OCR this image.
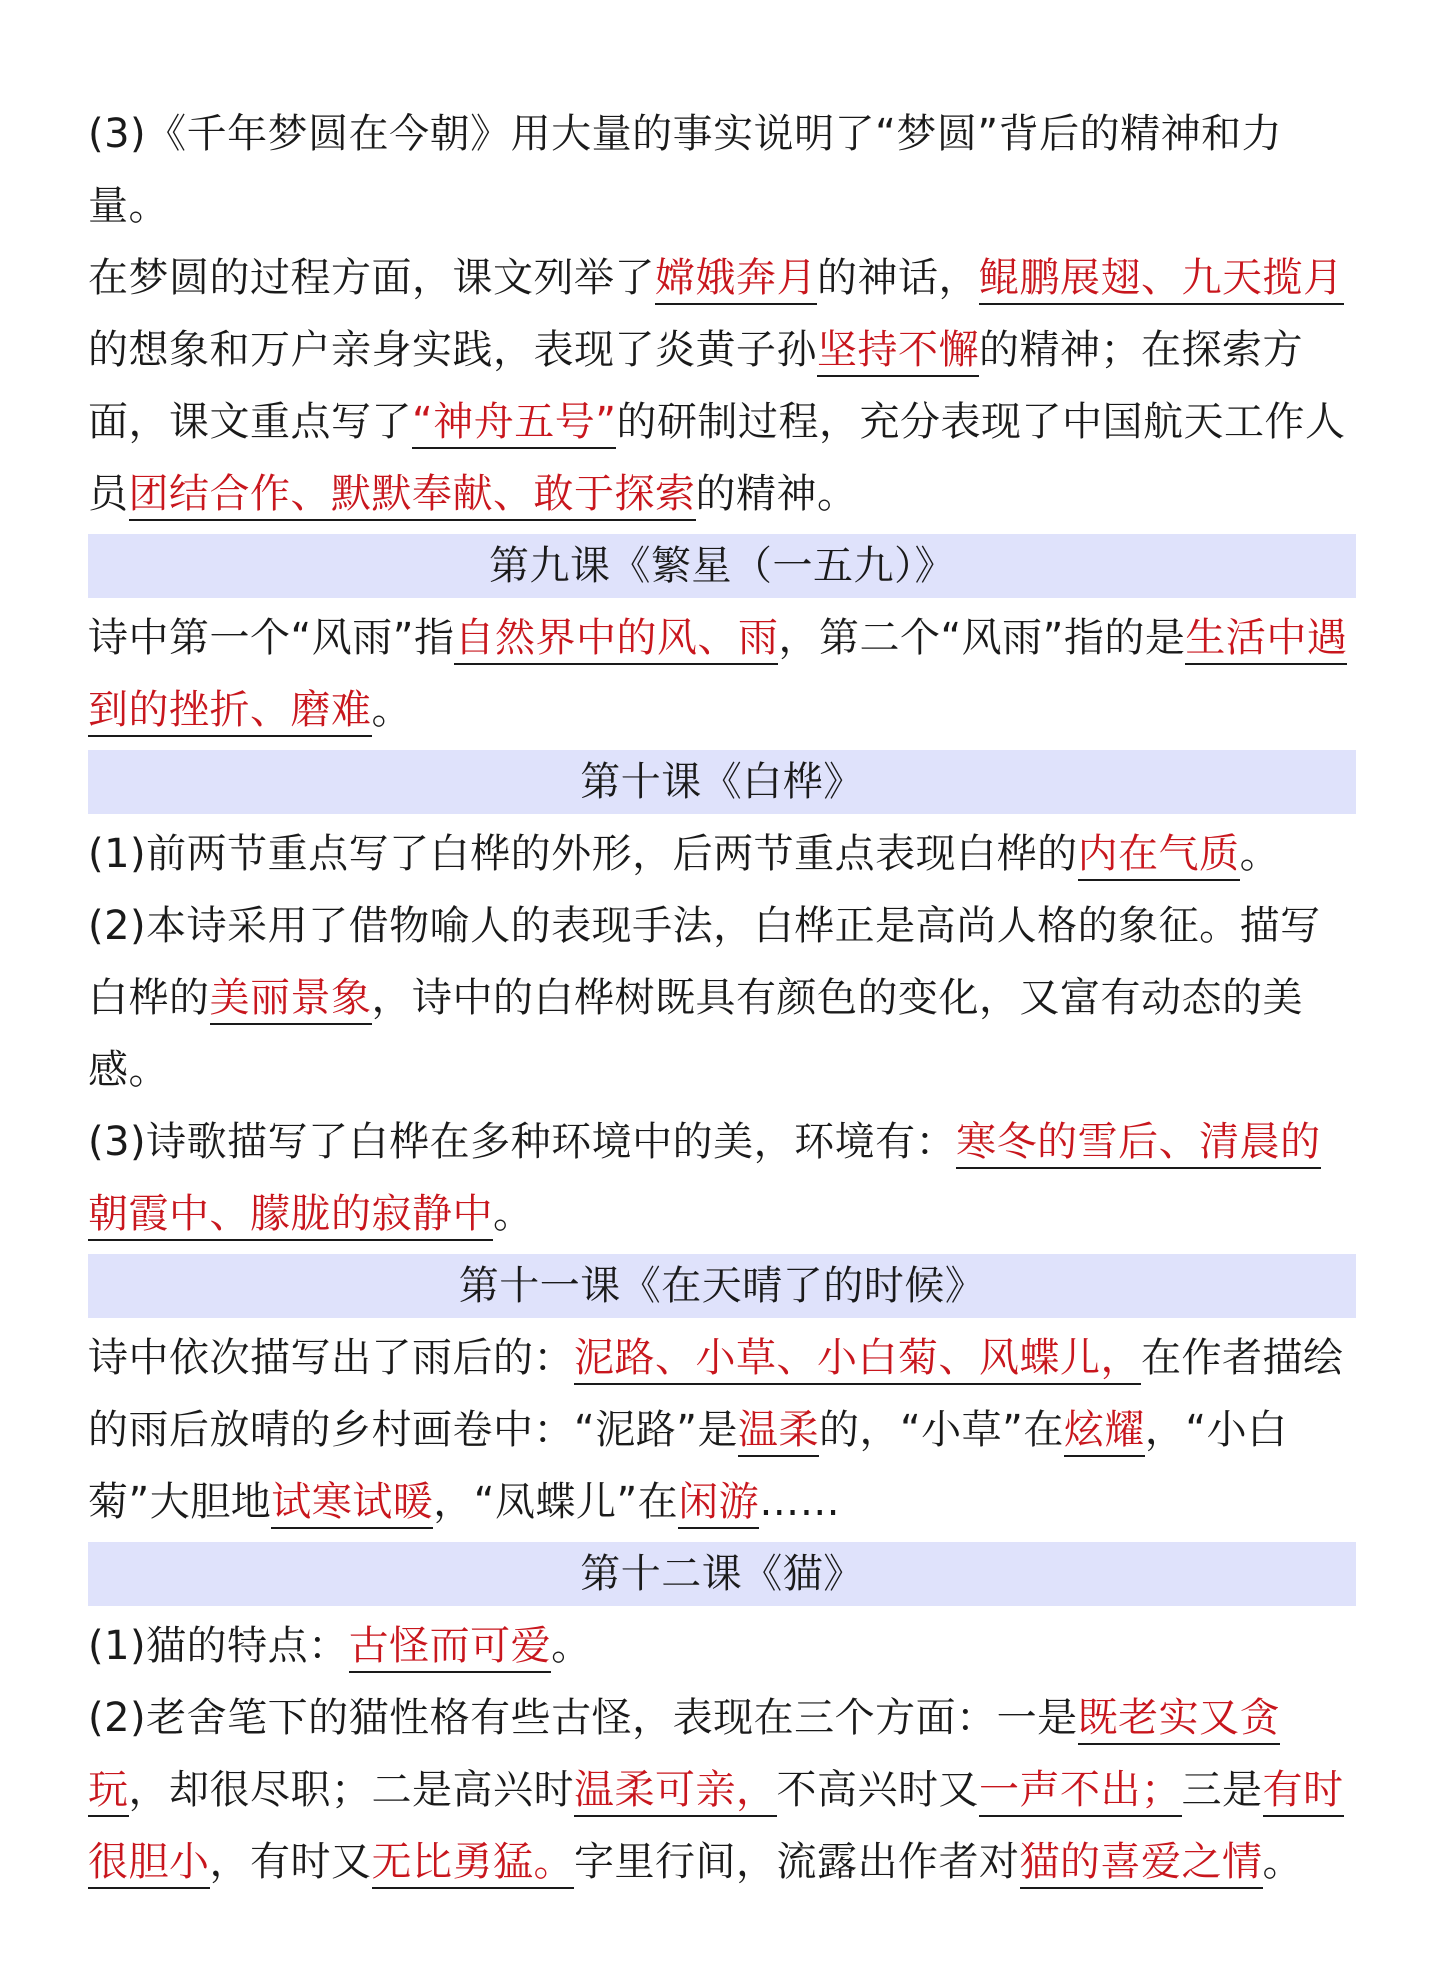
(3)《千年梦圆在今朝》用大量的事实说明了“梦圆”背后的精神和力量。

在梦圆的过程方面，课文列举了嫦娥奔月的神话，鲲鹏展翅、九天揽月的想象和万户亲身实践，表现了炎黄子孙坚持不懈的精神；在探索方面，课文重点写了“神舟五号”的研制过程，充分表现了中国航天工作人员团结合作、默默奉献、敢于探索的精神。

第九课《繁星（一五九）》

诗中第一个“风雨”指自然界中的风、雨，第二个“风雨”指的是生活中遇到的挫折、磨难。

第十课《白桦》

(1)前两节重点写了白桦的外形，后两节重点表现白桦的内在气质。

(2)本诗采用了借物喻人的表现手法，白桦正是高尚人格的象征。描写白桦的美丽景象，诗中的白桦树既具有颜色的变化，又富有动态的美感。

(3)诗歌描写了白桦在多种环境中的美，环境有：寒冬的雪后、清晨的朝霞中、朦胧的寂静中。

第十一课《在天晴了的时候》

诗中依次描写出了雨后的：泥路、小草、小白菊、风蝶儿，在作者描绘的雨后放晴的乡村画卷中：“泥路”是温柔的，“小草”在炫耀，“小白菊”大胆地试寒试暖，“凤蝶儿”在闲游……

第十二课《猫》

(1)猫的特点：古怪而可爱。

(2)老舍笔下的猫性格有些古怪，表现在三个方面：一是既老实又贪玩，却很尽职；二是高兴时温柔可亲，不高兴时又一声不出；三是有时很胆小，有时又无比勇猛。字里行间，流露出作者对猫的喜爱之情。
